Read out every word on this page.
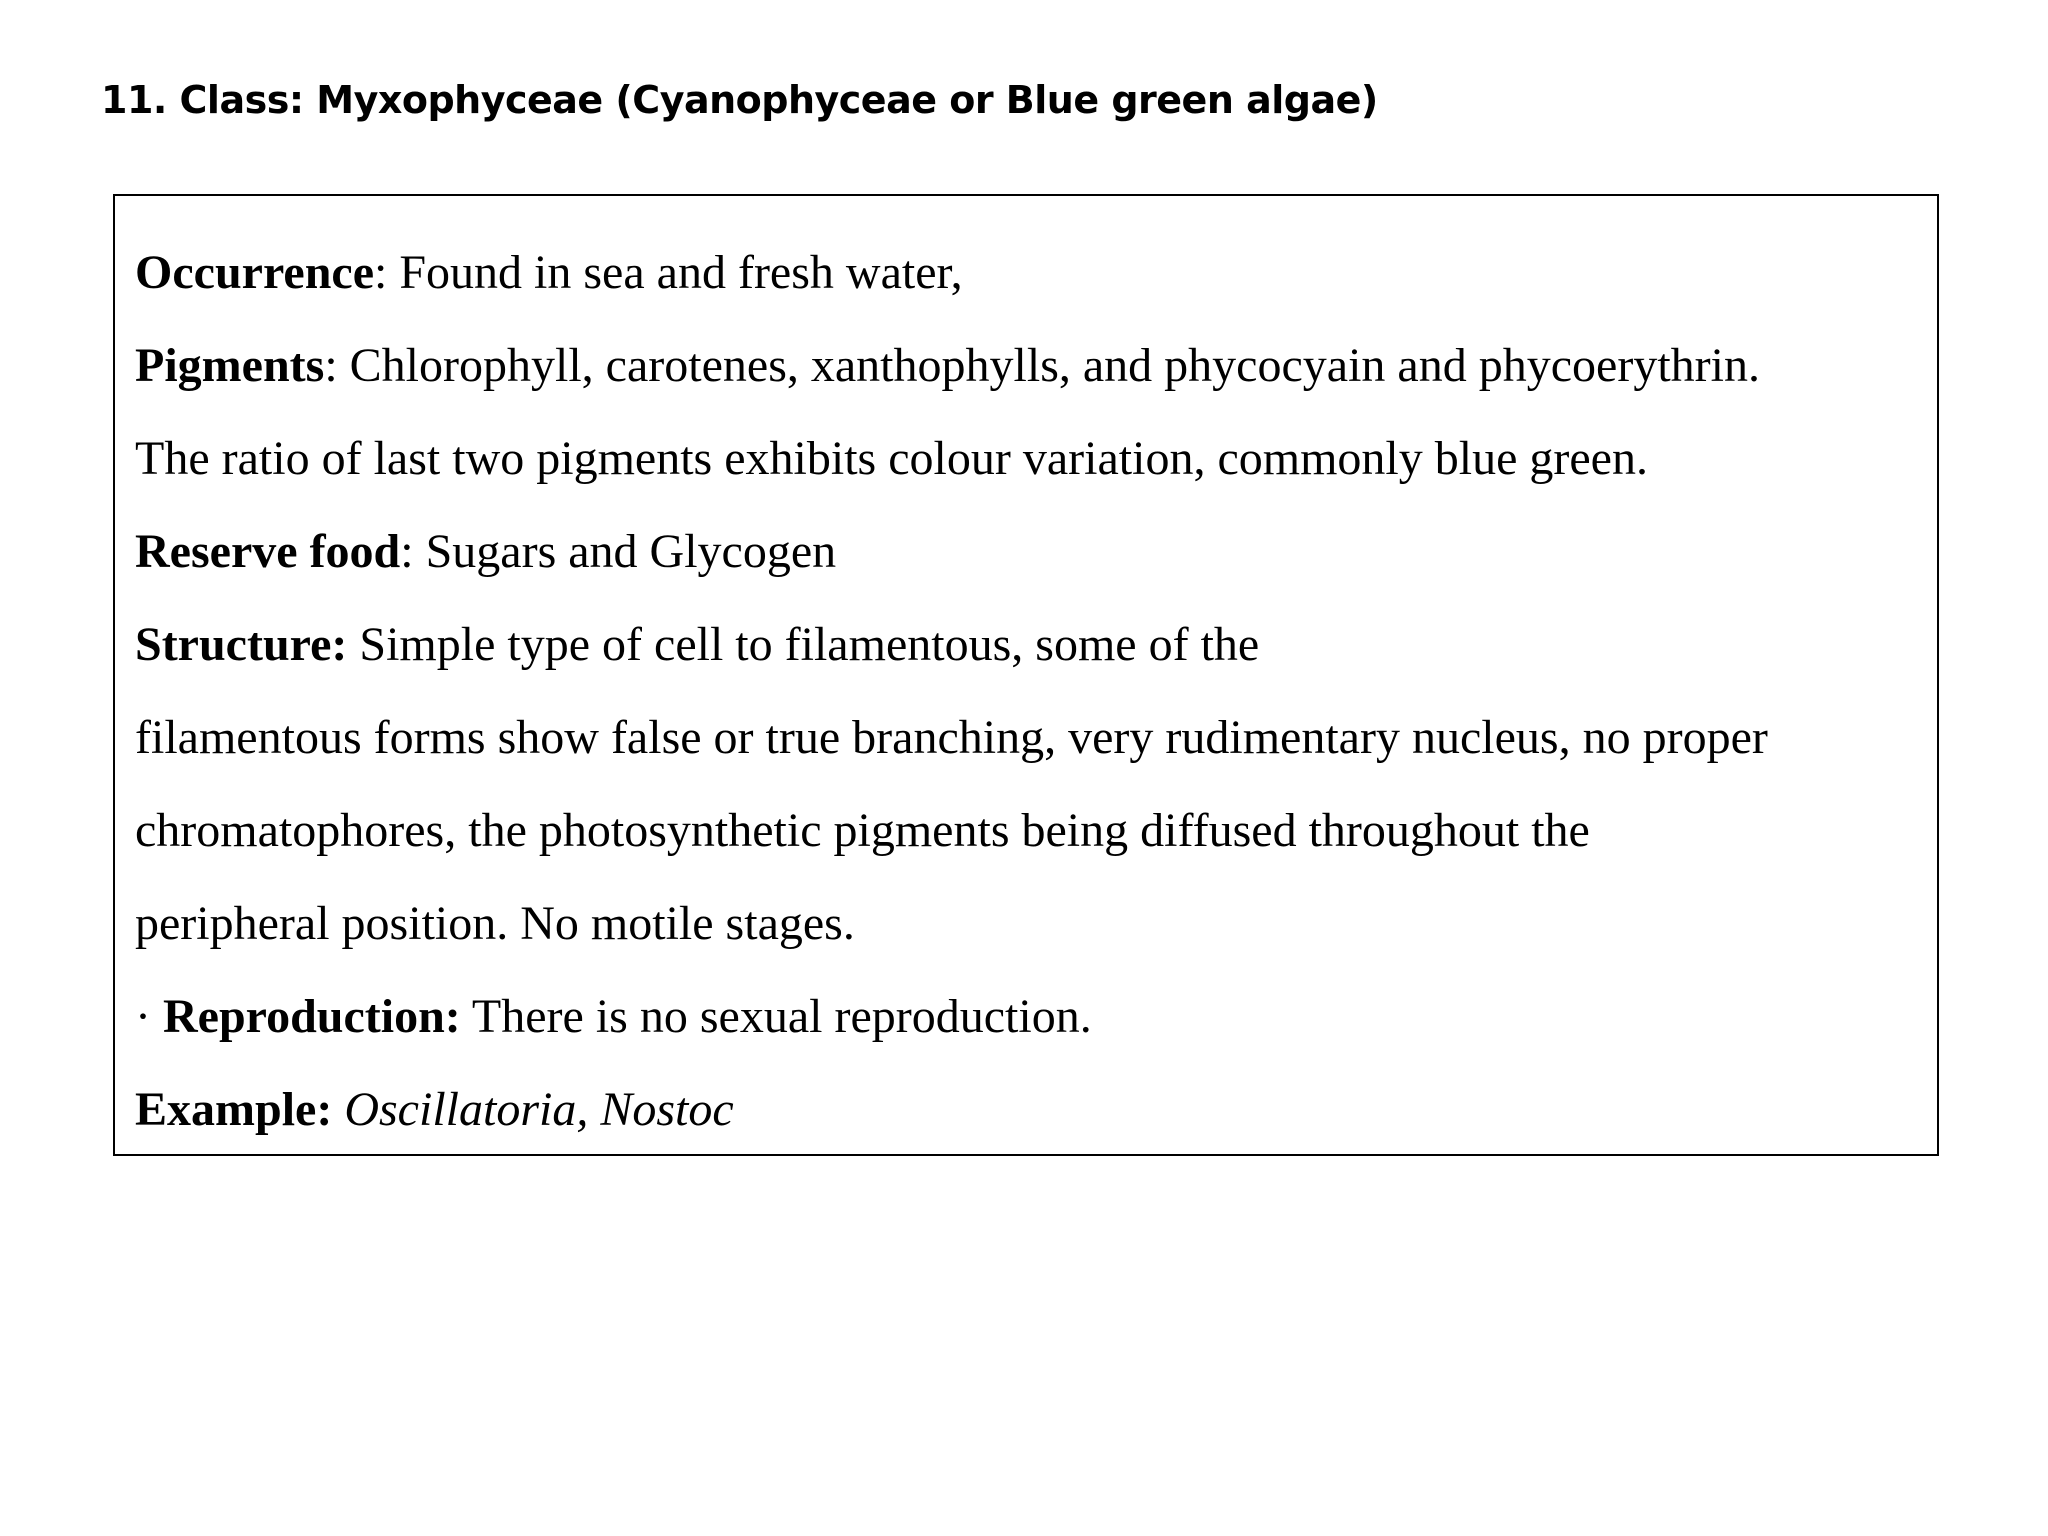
11. Class: Myxophyceae (Cyanophyceae or Blue green algae)
Occurrence: Found in sea and fresh water,
Pigments: Chlorophyll, carotenes, xanthophylls, and phycocyain and phycoerythrin.
The ratio of last two pigments exhibits colour variation, commonly blue green.
Reserve food: Sugars and Glycogen
Structure: Simple type of cell to filamentous, some of the
filamentous forms show false or true branching, very rudimentary nucleus, no proper
chromatophores, the photosynthetic pigments being diffused throughout the
peripheral position. No motile stages.
· Reproduction: There is no sexual reproduction.
Example: Oscillatoria, Nostoc
